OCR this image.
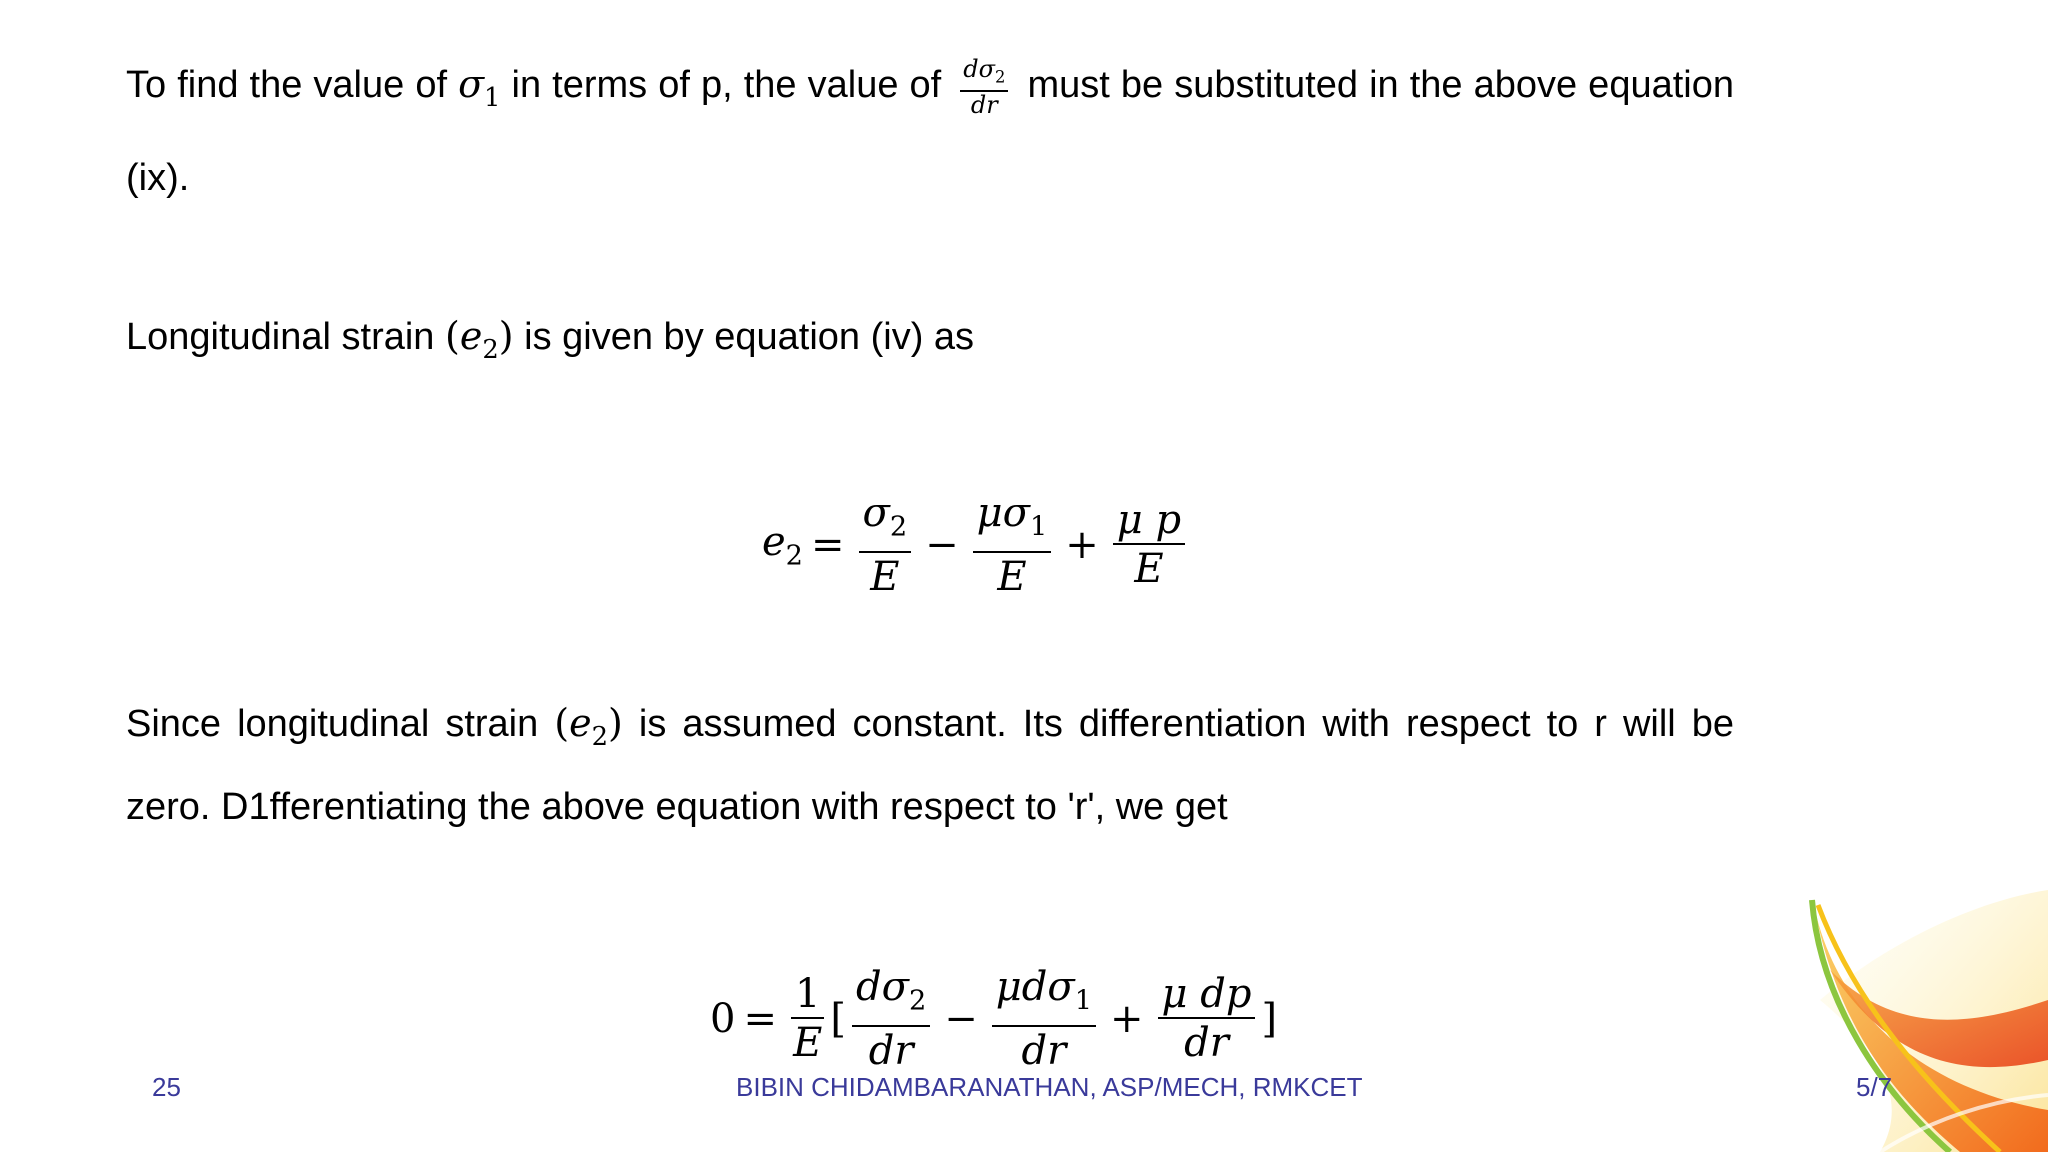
To find the value of $\sigma_1$ in terms of p, the value of $\frac{d\sigma_2}{dr}$ must be substituted in the above equation (ix).

Longitudinal strain $(e_2)$ is given by equation (iv) as

$e_2 = \frac{\sigma_2}{E} - \frac{\mu\sigma_1}{E} + \frac{\text{μ p}}{E}$

Since longitudinal strain $(e_2)$ is assumed constant. Its differentiation with respect to r will be zero. D1fferentiating the above equation with respect to 'r', we get

$0 = \frac{1}{E}$ [ $\frac{d\sigma_2}{dr} - \frac{\mu d\sigma_1}{dr} + \frac{\text{μ dp}}{dr}$ ]
25	BIBIN CHIDAMBARANATHAN, ASP/MECH, RMKCET	5/7
